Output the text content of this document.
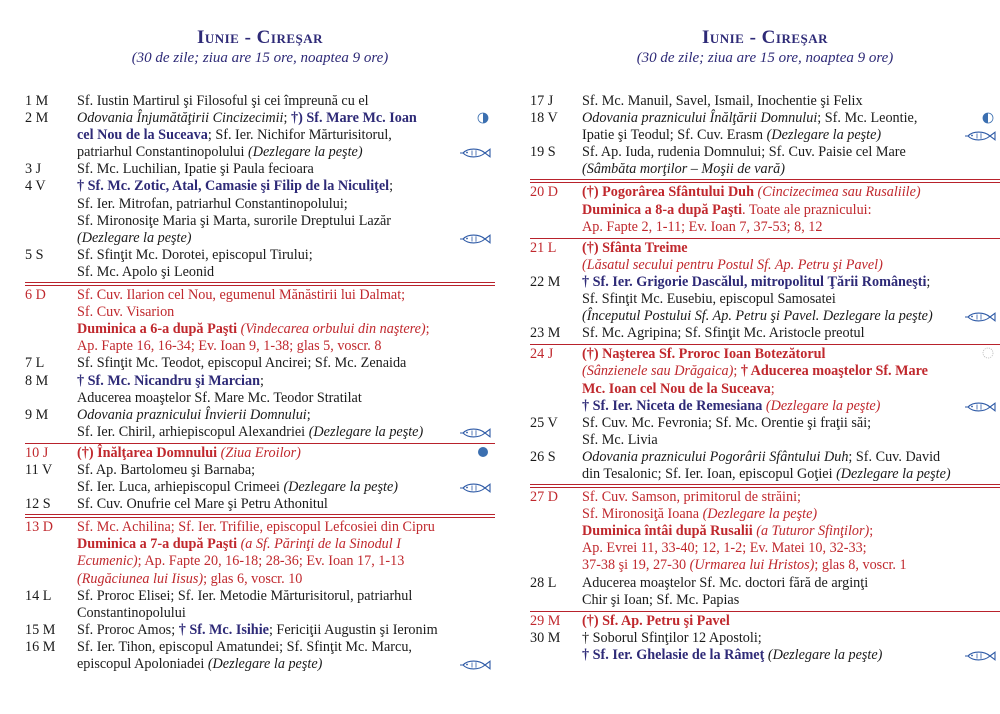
Iunie - Cireşar
(30 de zile; ziua are 15 ore, noaptea 9 ore)
1 M	Sf. Iustin Martirul şi Filosoful şi cei împreună cu el
2 M	Odovania Înjumătăţirii Cincizecimii; †) Sf. Mare Mc. Ioan
cel Nou de la Suceava; Sf. Ier. Nichifor Mărturisitorul,
patriarhul Constantinopolului (Dezlegare la peşte)
3 J	Sf. Mc. Luchilian, Ipatie şi Paula fecioara
4 V	† Sf. Mc. Zotic, Atal, Camasie şi Filip de la Niculiţel;
Sf. Ier. Mitrofan, patriarhul Constantinopolului;
Sf. Mironosiţe Maria şi Marta, surorile Dreptului Lazăr
(Dezlegare la peşte)
5 S	Sf. Sfinţit Mc. Dorotei, episcopul Tirului;
Sf. Mc. Apolo şi Leonid
6 D	Sf. Cuv. Ilarion cel Nou, egumenul Mănăstirii lui Dalmat;
Sf. Cuv. Visarion
Duminica a 6-a după Paşti (Vindecarea orbului din naştere);
Ap. Fapte 16, 16-34; Ev. Ioan 9, 1-38; glas 5, voscr. 8
7 L	Sf. Sfinţit Mc. Teodot, episcopul Ancirei; Sf. Mc. Zenaida
8 M	† Sf. Mc. Nicandru şi Marcian;
Aducerea moaştelor Sf. Mare Mc. Teodor Stratilat
9 M	Odovania praznicului Învierii Domnului;
Sf. Ier. Chiril, arhiepiscopul Alexandriei (Dezlegare la peşte)
10 J	(†) Înălţarea Domnului (Ziua Eroilor)
11 V	Sf. Ap. Bartolomeu şi Barnaba;
Sf. Ier. Luca, arhiepiscopul Crimeei (Dezlegare la peşte)
12 S	Sf. Cuv. Onufrie cel Mare şi Petru Athonitul
13 D	Sf. Mc. Achilina; Sf. Ier. Trifilie, episcopul Lefcosiei din Cipru
Duminica a 7-a după Paşti (a Sf. Părinţi de la Sinodul I
Ecumenic); Ap. Fapte 20, 16-18; 28-36; Ev. Ioan 17, 1-13
(Rugăciunea lui Iisus); glas 6, voscr. 10
14 L	Sf. Proroc Elisei; Sf. Ier. Metodie Mărturisitorul, patriarhul
Constantinopolului
15 M	Sf. Proroc Amos; † Sf. Mc. Isihie; Fericiţii Augustin şi Ieronim
16 M	Sf. Ier. Tihon, episcopul Amatundei; Sf. Sfinţit Mc. Marcu,
episcopul Apoloniadei (Dezlegare la peşte)
Iunie - Cireşar
(30 de zile; ziua are 15 ore, noaptea 9 ore)
17 J	Sf. Mc. Manuil, Savel, Ismail, Inochentie şi Felix
18 V	Odovania praznicului Înălţării Domnului; Sf. Mc. Leontie,
Ipatie şi Teodul; Sf. Cuv. Erasm (Dezlegare la peşte)
19 S	Sf. Ap. Iuda, rudenia Domnului; Sf. Cuv. Paisie cel Mare
(Sâmbăta morţilor – Moşii de vară)
20 D	(†) Pogorârea Sfântului Duh (Cincizecimea sau Rusaliile)
Duminica a 8-a după Paşti. Toate ale praznicului:
Ap. Fapte 2, 1-11; Ev. Ioan 7, 37-53; 8, 12
21 L	(†) Sfânta Treime
(Lăsatul secului pentru Postul Sf. Ap. Petru şi Pavel)
22 M	† Sf. Ier. Grigorie Dascălul, mitropolitul Ţării Româneşti;
Sf. Sfinţit Mc. Eusebiu, episcopul Samosatei
(Începutul Postului Sf. Ap. Petru şi Pavel. Dezlegare la peşte)
23 M	Sf. Mc. Agripina; Sf. Sfinţit Mc. Aristocle preotul
24 J	(†) Naşterea Sf. Proroc Ioan Botezătorul
(Sânzienele sau Drăgaica); † Aducerea moaştelor Sf. Mare
Mc. Ioan cel Nou de la Suceava;
† Sf. Ier. Niceta de Remesiana (Dezlegare la peşte)
25 V	Sf. Cuv. Mc. Fevronia; Sf. Mc. Orentie şi fraţii săi;
Sf. Mc. Livia
26 S	Odovania praznicului Pogorârii Sfântului Duh; Sf. Cuv. David
din Tesalonic; Sf. Ier. Ioan, episcopul Goţiei (Dezlegare la peşte)
27 D	Sf. Cuv. Samson, primitorul de străini;
Sf. Mironosiţă Ioana (Dezlegare la peşte)
Duminica întâi după Rusalii (a Tuturor Sfinţilor);
Ap. Evrei 11, 33-40; 12, 1-2; Ev. Matei 10, 32-33;
37-38 şi 19, 27-30 (Urmarea lui Hristos); glas 8, voscr. 1
28 L	Aducerea moaştelor Sf. Mc. doctori fără de arginţi
Chir şi Ioan; Sf. Mc. Papias
29 M	(†) Sf. Ap. Petru şi Pavel
30 M	† Soborul Sfinţilor 12 Apostoli;
† Sf. Ier. Ghelasie de la Râmeţ (Dezlegare la peşte)
